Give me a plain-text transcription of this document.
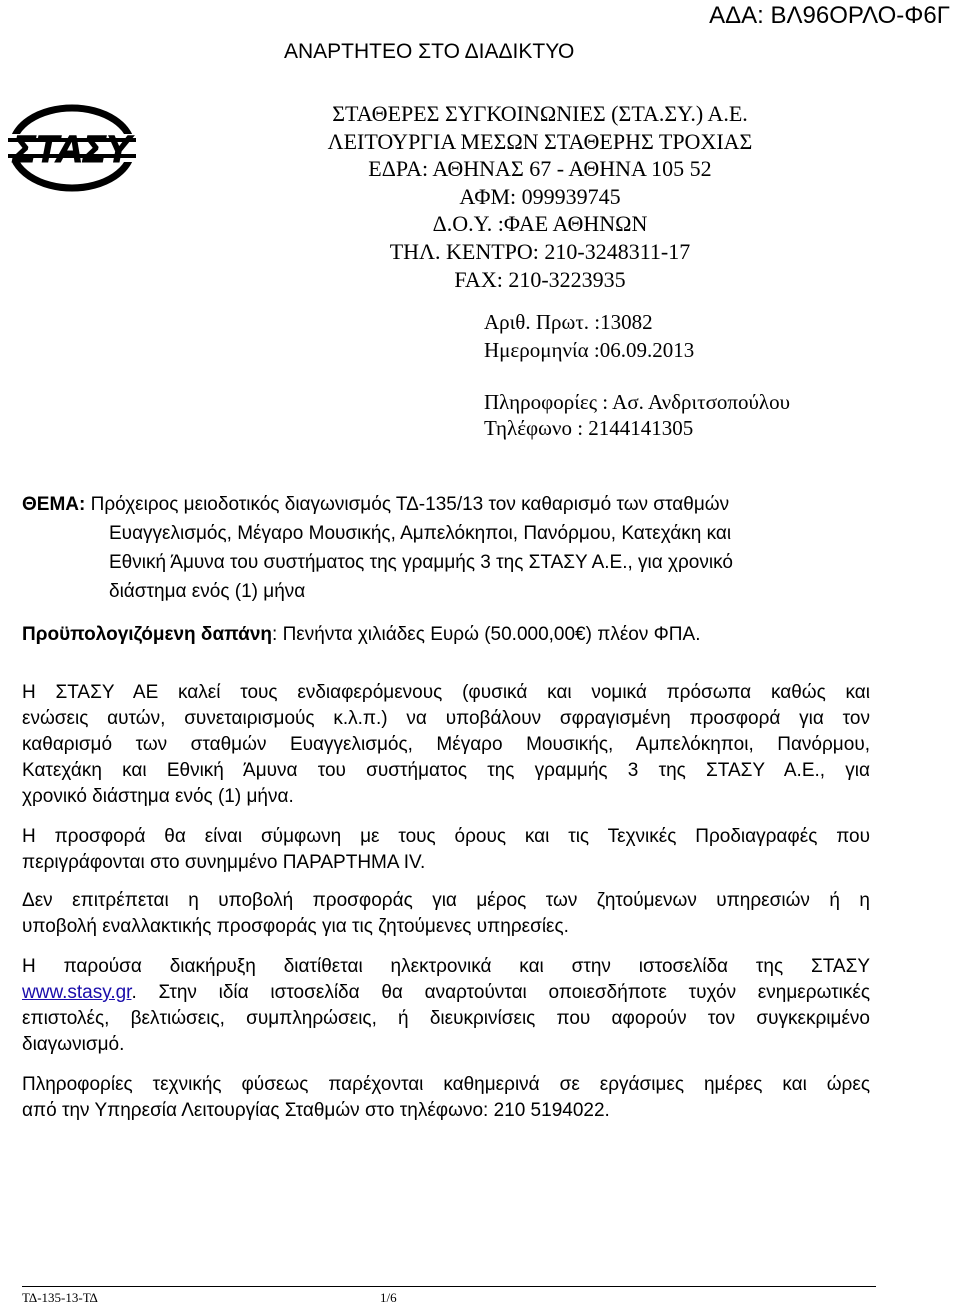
ΑΔΑ: ΒΛ96ΟΡΛΟ-Φ6Γ
ΑΝΑΡΤΗΤΕΟ ΣΤΟ ΔΙΑΔΙΚΤΥΟ
ΣΤΑΣΥ
ΣΤΑΘΕΡΕΣ ΣΥΓΚΟΙΝΩΝΙΕΣ (ΣΤΑ.ΣΥ.) Α.Ε.
ΛΕΙΤΟΥΡΓΙΑ ΜΕΣΩΝ ΣΤΑΘΕΡΗΣ ΤΡΟΧΙΑΣ
ΕΔΡΑ: ΑΘΗΝΑΣ 67 - ΑΘΗΝΑ 105 52
ΑΦΜ: 099939745
Δ.Ο.Υ. :ΦΑΕ ΑΘΗΝΩΝ
ΤΗΛ. ΚΕΝΤΡΟ: 210-3248311-17
FAX: 210-3223935
Αριθ. Πρωτ. :13082
Ημερομηνία :06.09.2013
Πληροφορίες : Ασ. Ανδριτσοπούλου
Τηλέφωνο : 2144141305
ΘΕΜΑ: Πρόχειρος μειοδοτικός διαγωνισμός ΤΔ-135/13 τον καθαρισμό των σταθμών
Ευαγγελισμός, Μέγαρο Μουσικής, Αμπελόκηποι, Πανόρμου, Κατεχάκη και
Εθνική Άμυνα του συστήματος της γραμμής 3 της ΣΤΑΣΥ Α.Ε., για χρονικό
διάστημα ενός (1) μήνα
Προϋπολογιζόμενη δαπάνη: Πενήντα χιλιάδες Ευρώ (50.000,00€) πλέον ΦΠΑ.
Η ΣΤΑΣΥ ΑΕ καλεί τους ενδιαφερόμενους (φυσικά και νομικά πρόσωπα καθώς και
ενώσεις αυτών, συνεταιρισμούς κ.λ.π.) να υποβάλουν σφραγισμένη προσφορά για τον
καθαρισμό των σταθμών Ευαγγελισμός, Μέγαρο Μουσικής, Αμπελόκηποι, Πανόρμου,
Κατεχάκη και Εθνική Άμυνα του συστήματος της γραμμής 3 της ΣΤΑΣΥ Α.Ε., για
χρονικό διάστημα ενός (1) μήνα.
Η προσφορά θα είναι σύμφωνη με τους όρους και τις Τεχνικές Προδιαγραφές που
περιγράφονται στο συνημμένο ΠΑΡΑΡΤΗΜΑ IV.
Δεν επιτρέπεται η υποβολή προσφοράς για μέρος των ζητούμενων υπηρεσιών ή η
υποβολή εναλλακτικής προσφοράς για τις ζητούμενες υπηρεσίες.
Η παρούσα διακήρυξη διατίθεται ηλεκτρονικά και στην ιστοσελίδα της ΣΤΑΣΥ
www.stasy.gr. Στην ιδία ιστοσελίδα θα αναρτούνται οποιεσδήποτε τυχόν ενημερωτικές
επιστολές, βελτιώσεις, συμπληρώσεις, ή διευκρινίσεις που αφορούν τον συγκεκριμένο
διαγωνισμό.
Πληροφορίες τεχνικής φύσεως παρέχονται καθημερινά σε εργάσιμες ημέρες και ώρες
από την Υπηρεσία Λειτουργίας Σταθμών στο τηλέφωνο: 210 5194022.
ΤΔ-135-13-ΤΔ	1/6
